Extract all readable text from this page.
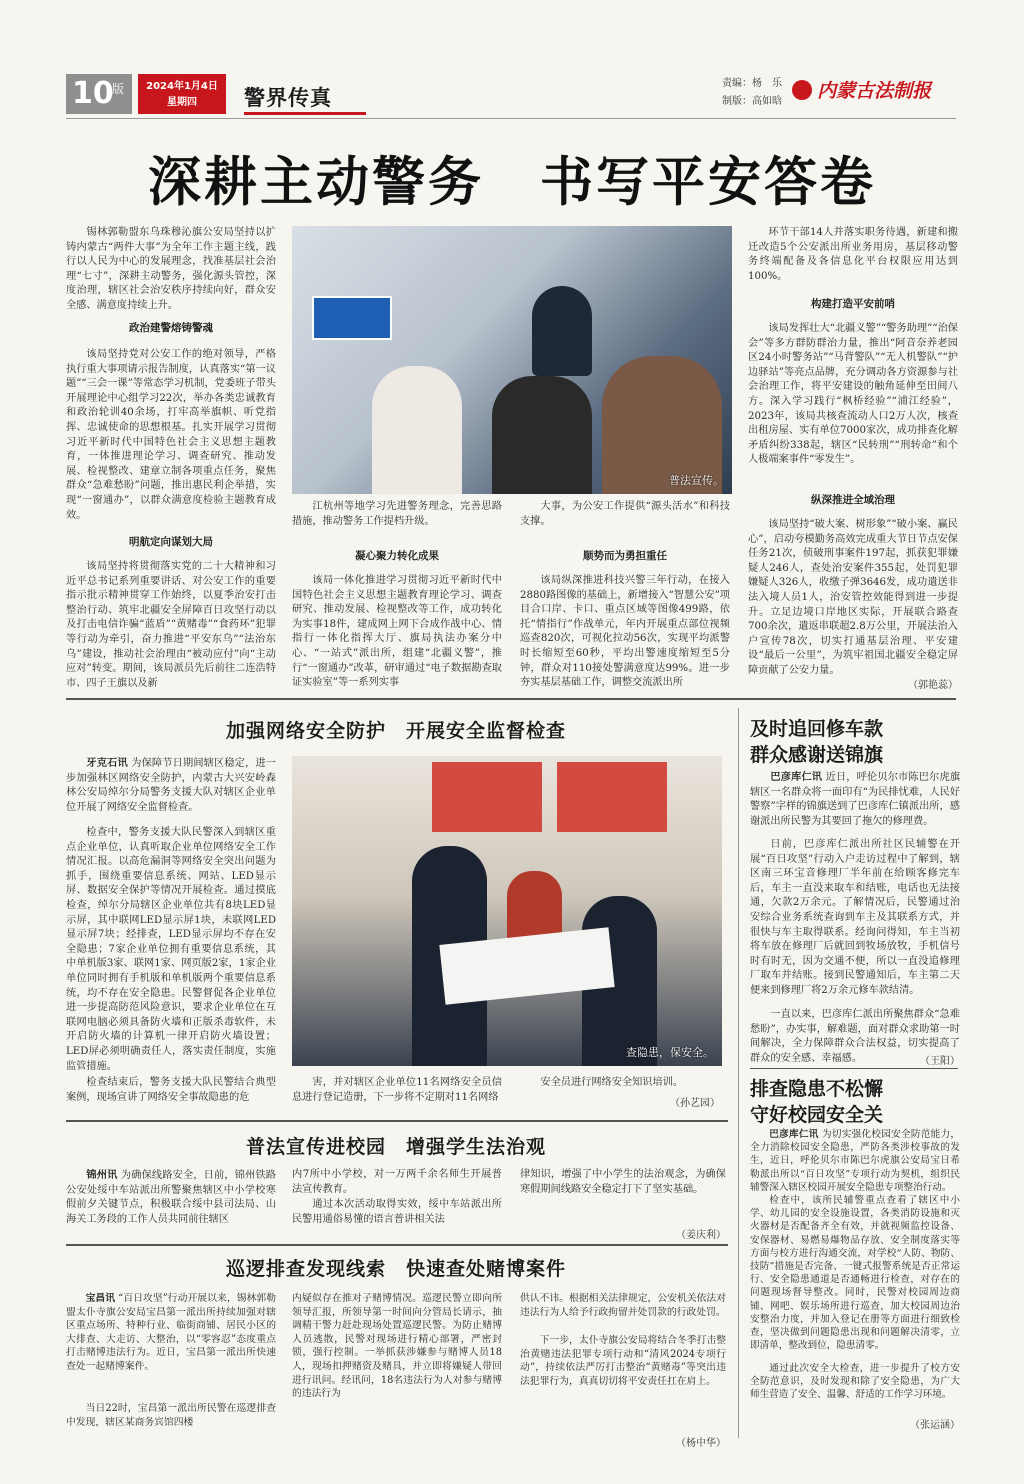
10
版	2024年1月4日
星期四	警界传真
责编：杨　乐
制版：高如晗	内蒙古法制报
深耕主动警务　书写平安答卷
锡林郭勒盟东乌珠穆沁旗公安局坚持以扩铸内蒙古“两件大事”为全年工作主题主线，践行以人民为中心的发展理念，找准基层社会治理“七寸”，深耕主动警务，强化源头管控，深度治理，辖区社会治安秩序持续向好，群众安全感、满意度持续上升。
政治建警熔铸警魂
该局坚持党对公安工作的绝对领导，严格执行重大事项请示报告制度，认真落实“第一议题”“三会一课”等常态学习机制，党委班子带头开展理论中心组学习22次，举办各类忠诚教育和政治轮训40余场，打牢高举旗帜、听党指挥、忠诚使命的思想根基。扎实开展学习贯彻习近平新时代中国特色社会主义思想主题教育，一体推进理论学习、调查研究、推动发展、检视整改、建章立制各项重点任务，聚焦群众“急难愁盼”问题，推出惠民利企举措，实现“一窗通办”，以群众满意度检验主题教育成效。
明航定向谋划大局
该局坚持将贯彻落实党的二十大精神和习近平总书记系列重要讲话、对公安工作的重要指示批示精神贯穿工作始终，以夏季治安打击整治行动、筑牢北疆安全屏障百日攻坚行动以及打击电信诈骗“蓝盾”“黄赌毒”“食药环”犯罪等行动为牵引，奋力推进“平安东乌”“法治东乌”建设，推动社会治理由“被动应付”向“主动应对”转变。期间，该局派员先后前往二连浩特市、四子王旗以及新
普法宣传。
江杭州等地学习先进警务理念，完善思路措施，推动警务工作提档升级。
大事，为公安工作提供“源头活水”和科技支撑。
凝心聚力转化成果
该局一体化推进学习贯彻习近平新时代中国特色社会主义思想主题教育理论学习、调查研究、推动发展、检视整改等工作，成功转化为实事18件，建成网上网下合成作战中心、情指行一体化指挥大厅、旗局执法办案分中心、“一站式”派出所，组建“北疆义警”，推行“一窗通办”改革，研审通过“电子数据勘查取证实验室”等一系列实事
顺势而为勇担重任
该局纵深推进科技兴警三年行动，在接入2880路图像的基础上，新增接入“智慧公安”项目合口岸、卡口、重点区域等图像499路，依托“情指行”作战单元，年内开展重点部位视频巡查820次，可视化拉动56次，实现平均派警时长缩短至60秒，平均出警速度缩短至5分钟，群众对110接处警满意度达99%。进一步夯实基层基础工作，调整交流派出所
环节干部14人并落实职务待遇，新建和搬迁改造5个公安派出所业务用房，基层移动警务终端配备及各信息化平台权限应用达到100%。
构建打造平安前哨
该局发挥壮大“北疆义警”“警务助理”“治保会”等多方群防群治力量，推出“阿音奈养老园区24小时警务站”“马背警队”“无人机警队”“护边驿站”等亮点品牌，充分调动各方资源参与社会治理工作，将平安建设的触角延伸至田间八方。深入学习践行“枫桥经验”“浦江经验”，2023年，该局共核查流动人口2万人次，核查出租房屋、实有单位7000家次，成功排查化解矛盾纠纷338起，辖区“民转刑”“刑转命”和个人极端案事件“零发生”。
纵深推进全域治理
该局坚持“破大案、树形象”“破小案、赢民心”，启动夸模勤务高效完成重大节日节点安保任务21次，侦破刑事案件197起，抓获犯罪嫌疑人246人，查处治安案件355起，处罚犯罪嫌疑人326人，收缴子弹3646发，成功遣送非法入境人员1人，治安管控效能得到进一步提升。立足边境口岸地区实际，开展联合路查700余次，遣返串联超2.8万公里，开展法治入户宣传78次，切实打通基层治理、平安建设“最后一公里”，为筑牢祖国北疆安全稳定屏障贡献了公安力量。
（郭艳蕊）
加强网络安全防护　开展安全监督检查
牙克石讯 为保障节日期间辖区稳定，进一步加强林区网络安全防护，内蒙古大兴安岭森林公安局绰尔分局警务支援大队对辖区企业单位开展了网络安全监督检查。
检查中，警务支援大队民警深入到辖区重点企业单位，认真听取企业单位网络安全工作情况汇报。以高危漏洞等网络安全突出问题为抓手，围绕重要信息系统、网站、LED显示屏、数据安全保护等情况开展检查。通过摸底检查，绰尔分局辖区企业单位共有8块LED显示屏，其中联网LED显示屏1块，未联网LED显示屏7块；经排查，LED显示屏均不存在安全隐患；7家企业单位拥有重要信息系统，其中单机版3家、联网1家、网页版2家，1家企业单位同时拥有手机版和单机版两个重要信息系统，均不存在安全隐患。民警督促各企业单位进一步提高防范风险意识，要求企业单位在互联网电脑必须具备防火墙和正版杀毒软件，未开启防火墙的计算机一律开启防火墙设置；LED屏必须明确责任人，落实责任制度，实施监管措施。
检查结束后，警务支援大队民警结合典型案例，现场宣讲了网络安全事故隐患的危
查隐患，保安全。
害，并对辖区企业单位11名网络安全员信息进行登记造册，下一步将不定期对11名网络
安全员进行网络安全知识培训。
（孙艺园）
及时追回修车款
群众感谢送锦旗
巴彦库仁讯 近日，呼伦贝尔市陈巴尔虎旗辖区一名群众将一面印有“为民排忧难，人民好警察”字样的锦旗送到了巴彦库仁镇派出所，感谢派出所民警为其要回了拖欠的修理费。
日前，巴彦库仁派出所社区民辅警在开展“百日攻坚”行动入户走访过程中了解到，辖区南三环宝音修理厂半年前在给顾客修完车后，车主一直没来取车和结账，电话也无法接通，欠款2万余元。了解情况后，民警通过治安综合业务系统查询到车主及其联系方式，并很快与车主取得联系。经询问得知，车主当初将车放在修理厂后就回到牧场放牧，手机信号时有时无，因为交通不便，所以一直没追修理厂取车并结账。接到民警通知后，车主第二天便来到修理厂将2万余元修车款结清。
一直以来，巴彦库仁派出所聚焦群众“急难愁盼”，办实事，解难题，面对群众求助第一时间解决，全力保障群众合法权益，切实提高了群众的安全感、幸福感。	（王阳）
排查隐患不松懈
守好校园安全关
巴彦库仁讯 为切实强化校园安全防范能力，全力消除校园安全隐患，严防各类涉校事故的发生，近日，呼伦贝尔市陈巴尔虎旗公安局宝日希勒派出所以“百日攻坚”专项行动为契机，组织民辅警深入辖区校园开展安全隐患专项整治行动。
检查中，该所民辅警重点查看了辖区中小学、幼儿园的安全设施设置，各类消防设施和灭火器材是否配备齐全有效，并就视频监控设备、安保器材、易燃易爆物品存放、安全制度落实等方面与校方进行沟通交流，对学校“人防、物防、技防”措施是否完备、一键式报警系统是否正常运行、安全隐患通道是否通畅进行检查，对存在的问题现场督导整改。同时，民警对校园周边商铺、网吧、娱乐场所进行巡查，加大校园周边治安整治力度，并加入登记在册等方面进行细致检查，坚决做到问题隐患出现和问题解决清零，立即清单，整改到位，隐患清零。
通过此次安全大检查，进一步提升了校方安全防范意识，及时发现和除了安全隐患，为广大师生营造了安全、温馨、舒适的工作学习环境。
（张运涵）
普法宣传进校园　增强学生法治观
锦州讯 为确保线路安全，日前，锦州铁路公安处绥中车站派出所警聚焦辖区中小学校寒假前夕关键节点，积极联合绥中县司法局、山海关工务段的工作人员共同前往辖区
内7所中小学校，对一万两千余名师生开展普法宣传教育。
通过本次活动取得实效，绥中车站派出所民警用通俗易懂的语言普讲相关法
律知识，增强了中小学生的法治观念，为确保寒假期间线路安全稳定打下了坚实基础。
（姜庆利）
巡逻排查发现线索　快速查处赌博案件
宝昌讯 “百日攻坚”行动开展以来，锡林郭勒盟太仆寺旗公安局宝昌第一派出所持续加强对辖区重点场所、特种行业、临街商铺、居民小区的大排查、大走访、大整治，以“零容忍”态度重点打击赌博违法行为。近日，宝昌第一派出所快速查处一起赌博案件。
当日22时，宝昌第一派出所民警在巡逻排查中发现，辖区某商务宾馆四楼
内疑似存在推对子赌博情况。巡逻民警立即向所领导汇报，所领导第一时间向分管局长请示，抽调精干警力赶赴现场处置巡逻民警。为防止赌博人员逃散，民警对现场进行精心部署，严密封锁，强行控制。一举抓获涉嫌参与赌博人员18人，现场扣押赌资及赌具，并立即将嫌疑人带回进行讯问。经讯问，18名违法行为人对参与赌博的违法行为
供认不讳。根据相关法律规定，公安机关依法对违法行为人给予行政拘留并处罚款的行政处罚。
下一步，太仆寺旗公安局将结合冬季打击整治黄赌违法犯罪专项行动和“清风2024专项行动”，持续依法严厉打击整治“黄赌毒”等突出违法犯罪行为，真真切切将平安责任扛在肩上。
（杨中华）
